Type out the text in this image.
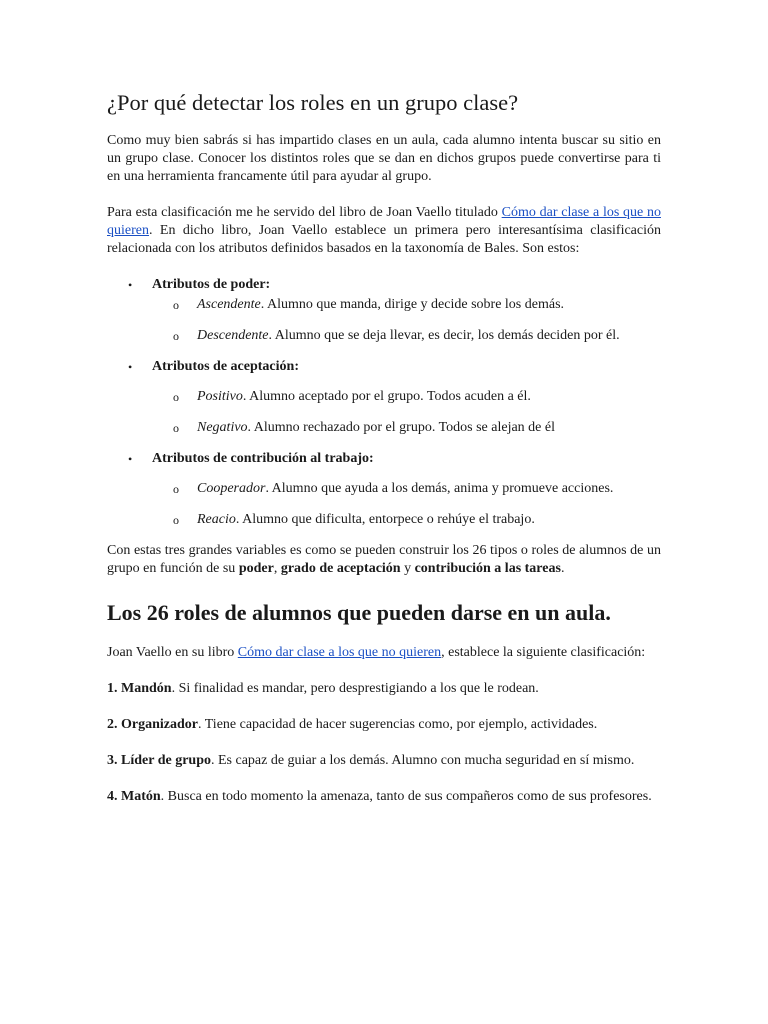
¿Por qué detectar los roles en un grupo clase?

Como muy bien sabrás si has impartido clases en un aula, cada alumno intenta buscar su sitio en un grupo clase. Conocer los distintos roles que se dan en dichos grupos puede convertirse para ti en una herramienta francamente útil para ayudar al grupo.

Para esta clasificación me he servido del libro de Joan Vaello titulado Cómo dar clase a los que no quieren. En dicho libro, Joan Vaello establece un primera pero interesantísima clasificación relacionada con los atributos definidos basados en la taxonomía de Bales. Son estos:

• Atributos de poder:
o Ascendente. Alumno que manda, dirige y decide sobre los demás.
o Descendente. Alumno que se deja llevar, es decir, los demás deciden por él.
• Atributos de aceptación:
o Positivo. Alumno aceptado por el grupo. Todos acuden a él.
o Negativo. Alumno rechazado por el grupo. Todos se alejan de él
• Atributos de contribución al trabajo:
o Cooperador. Alumno que ayuda a los demás, anima y promueve acciones.
o Reacio. Alumno que dificulta, entorpece o rehúye el trabajo.

Con estas tres grandes variables es como se pueden construir los 26 tipos o roles de alumnos de un grupo en función de su poder, grado de aceptación y contribución a las tareas.

Los 26 roles de alumnos que pueden darse en un aula.

Joan Vaello en su libro Cómo dar clase a los que no quieren, establece la siguiente clasificación:

1. Mandón. Si finalidad es mandar, pero desprestigiando a los que le rodean.

2. Organizador. Tiene capacidad de hacer sugerencias como, por ejemplo, actividades.

3. Líder de grupo. Es capaz de guiar a los demás. Alumno con mucha seguridad en sí mismo.

4. Matón. Busca en todo momento la amenaza, tanto de sus compañeros como de sus profesores.
